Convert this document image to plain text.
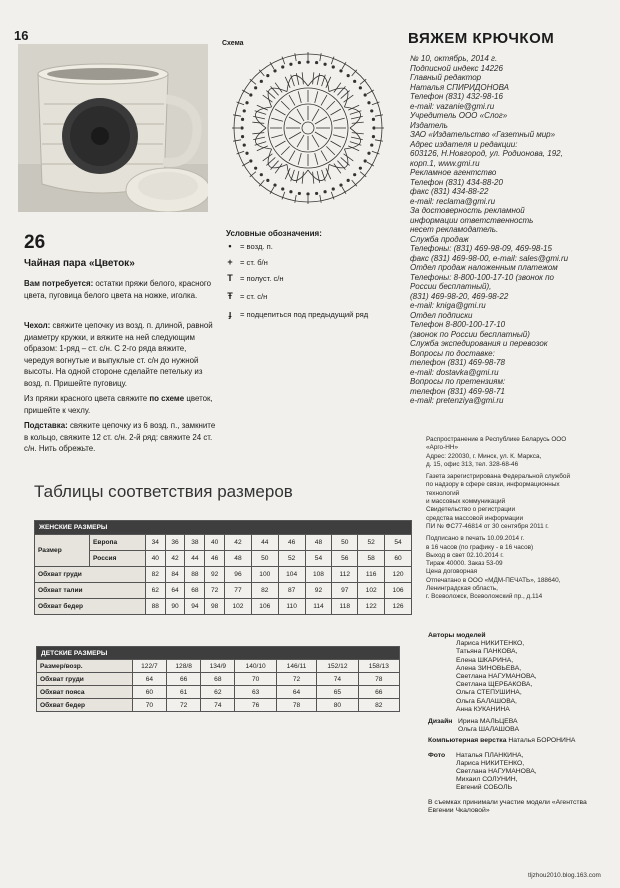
16
Схема
26
Чайная пара «Цветок»
Вам потребуется: остатки пряжи белого, красного цвета, пуговица белого цвета на ножке, иголка.
Чехол: свяжите цепочку из возд. п. длиной, равной диаметру кружки, и вяжите на ней следующим образом: 1-ряд – ст. с/н. С 2-го ряда вяжите, чередуя вогнутые и выпуклые ст. с/н до нужной высоты. На одной стороне сделайте петельку из возд. п. Пришейте пуговицу.
Из пряжи красного цвета свяжите по схеме цветок, пришейте к чехлу.
Подставка: свяжите цепочку из 6 возд. п., замкните в кольцо, свяжите 12 ст. с/н. 2-й ряд: свяжите 24 ст. с/н. Нить обрежьте.
Условные обозначения:
•	= возд. п.
+ = ст. б/н
T = полуст. с/н
Ŧ = ст. с/н
ɟ	= подцепиться под предыдущий ряд
ВЯЖЕМ КРЮЧКОМ
№ 10, октябрь, 2014 г.
Подписной индекс 14226
Главный редактор
Наталья СПИРИДОНОВА
Телефон (831) 432-98-16
e-mail: vazanie@gmi.ru
Учредитель ООО «Слог»
Издатель
ЗАО «Издательство «Газетный мир»
Адрес издателя и редакции:
603126, Н.Новгород, ул. Родионова, 192,
корп.1, www.gmi.ru
Рекламное агентство
Телефон (831) 434-88-20
факс (831) 434-88-22
e-mail: reclama@gmi.ru
За достоверность рекламной
информации ответственность
несет рекламодатель.
Служба продаж
Телефоны: (831) 469-98-09, 469-98-15
факс (831) 469-98-00, e-mail: sales@gmi.ru
Отдел продаж наложенным платежом
Телефоны: 8-800-100-17-10 (звонок по
России бесплатный),
(831) 469-98-20, 469-98-22
e-mail: kniga@gmi.ru
Отдел подписки
Телефон 8-800-100-17-10
(звонок по России бесплатный)
Служба экспедирования и перевозок
Вопросы по доставке:
телефон (831) 469-98-78
e-mail: dostavka@gmi.ru
Вопросы по претензиям:
телефон (831) 469-98-71
e-mail: pretenziya@gmi.ru
Распространение в Республике Беларусь ООО
«Арго-НН»
Адрес: 220030, г. Минск, ул. К. Маркса,
д. 15, офис 313, тел. 328-68-46
Газета зарегистрирована Федеральной службой
по надзору в сфере связи, информационных
технологий
и массовых коммуникаций
Свидетельство о регистрации
средства массовой информации
ПИ № ФС77-46814 от 30 сентября 2011 г.
Подписано в печать 10.09.2014 г.
в 16 часов (по графику - в 16 часов)
Выход в свет 02.10.2014 г.
Тираж 40000. Заказ 53-09
Цена договорная
Отпечатано в ООО «МДМ-ПЕЧАТЬ», 188640,
Ленинградская область,
г. Всеволожск, Всеволожский пр., д.114
Авторы моделей
Лариса НИКИТЕНКО,
Татьяна ПАНКОВА,
Елена ШКАРИНА,
Алена ЗИНОВЬЕВА,
Светлана НАГУМАНОВА,
Светлана ЩЕРБАКОВА,
Ольга СТЕПУШИНА,
Ольга БАЛАШОВА,
Анна КУКАНИНА
Дизайн Ирина МАЛЬЦЕВА
Ольга ШАЛАШОВА
Компьютерная верстка Наталья БОРОНИНА
Фото	Наталья ПЛАНКИНА,
Лариса НИКИТЕНКО,
Светлана НАГУМАНОВА,
Михаил СОЛУНИН,
Евгений СОБОЛЬ
В съемках принимали участие модели «Агентства
Евгении Чкаловой»
Таблицы соответствия размеров
ЖЕНСКИЕ РАЗМЕРЫ												
Размер	Европа	34	36	38	40	42	44	46	48	50	52	54
	Россия	40	42	44	46	48	50	52	54	56	58	60
Обхват груди		82	84	88	92	96	100	104	108	112	116	120
Обхват талии		62	64	68	72	77	82	87	92	97	102	106
Обхват бедер		88	90	94	98	102	106	110	114	118	122	126
ДЕТСКИЕ РАЗМЕРЫ							
Размер/возр.	122/7	128/8	134/9	140/10	146/11	152/12	158/13
Обхват груди	64	66	68	70	72	74	78
Обхват пояса	60	61	62	63	64	65	66
Обхват бедер	70	72	74	76	78	80	82
tljzhou2010.blog.163.com
